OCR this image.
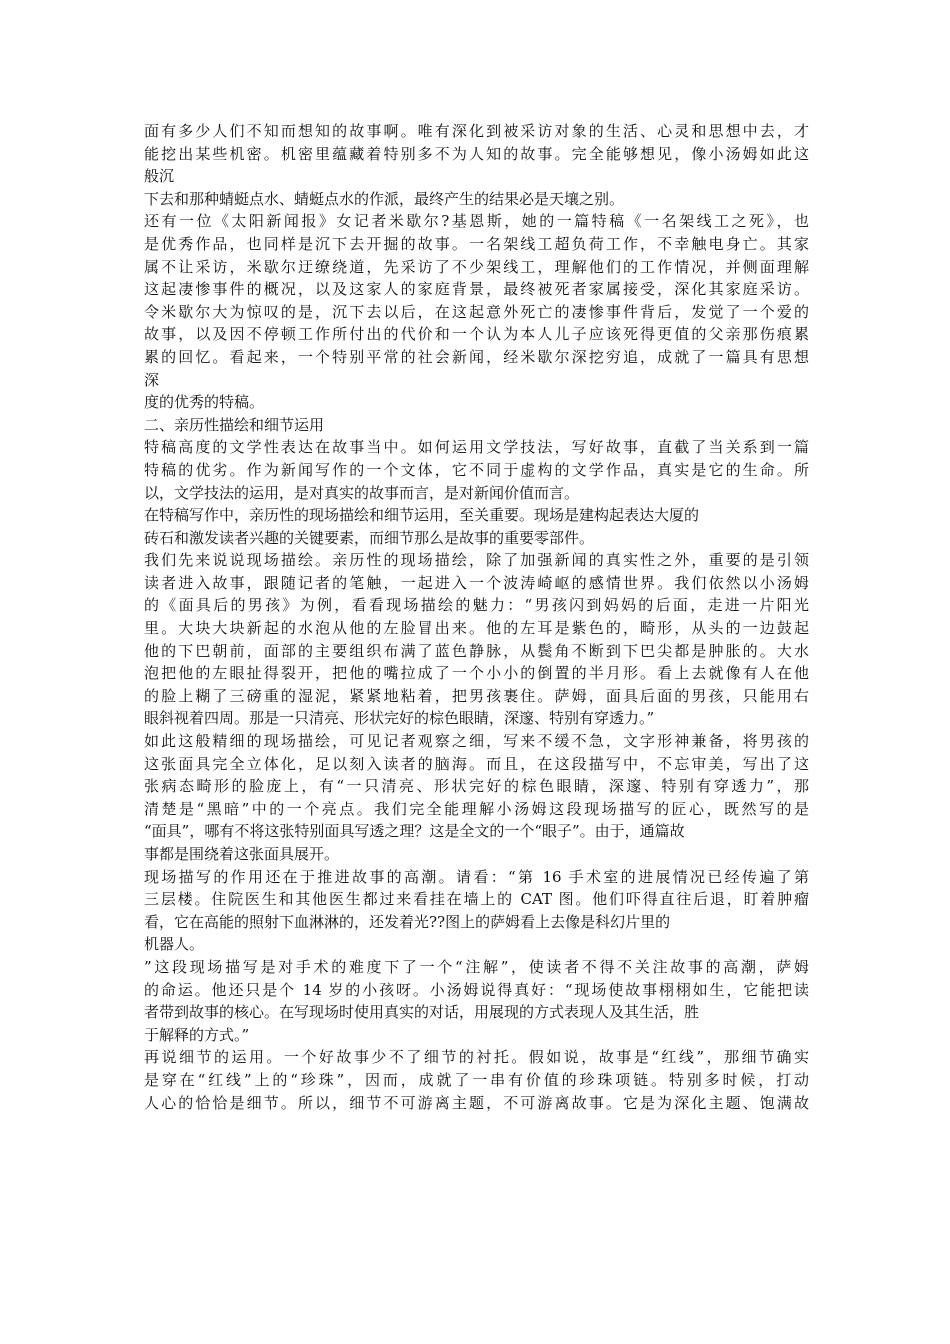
面有多少人们不知而想知的故事啊。唯有深化到被采访对象的生活、心灵和思想中去，才
能挖出某些机密。机密里蕴藏着特别多不为人知的故事。完全能够想见，像小汤姆如此这
般沉
下去和那种蜻蜓点水、蜻蜓点水的作派，最终产生的结果必是天壤之别。
还有一位《太阳新闻报》女记者米歇尔?基恩斯，她的一篇特稿《一名架线工之死》，也
是优秀作品，也同样是沉下去开掘的故事。一名架线工超负荷工作，不幸触电身亡。其家
属不让采访，米歇尔迂缭绕道，先采访了不少架线工，理解他们的工作情况，并侧面理解
这起凄惨事件的概况，以及这家人的家庭背景，最终被死者家属接受，深化其家庭采访。
令米歇尔大为惊叹的是，沉下去以后，在这起意外死亡的凄惨事件背后，发觉了一个爱的
故事，以及因不停顿工作所付出的代价和一个认为本人儿子应该死得更值的父亲那伤痕累
累的回忆。看起来，一个特别平常的社会新闻，经米歇尔深挖穷追，成就了一篇具有思想
深
度的优秀的特稿。
二、亲历性描绘和细节运用
特稿高度的文学性表达在故事当中。如何运用文学技法，写好故事，直截了当关系到一篇
特稿的优劣。作为新闻写作的一个文体，它不同于虚构的文学作品，真实是它的生命。所
以，文学技法的运用，是对真实的故事而言，是对新闻价值而言。
在特稿写作中，亲历性的现场描绘和细节运用，至关重要。现场是建构起表达大厦的
砖石和激发读者兴趣的关键要素，而细节那么是故事的重要零部件。
我们先来说说现场描绘。亲历性的现场描绘，除了加强新闻的真实性之外，重要的是引领
读者进入故事，跟随记者的笔触，一起进入一个波涛崎岖的感情世界。我们依然以小汤姆
的《面具后的男孩》为例，看看现场描绘的魅力：“男孩闪到妈妈的后面，走进一片阳光
里。大块大块新起的水泡从他的左脸冒出来。他的左耳是紫色的，畸形，从头的一边鼓起
他的下巴朝前，面部的主要组织布满了蓝色静脉，从鬓角不断到下巴尖都是肿胀的。大水
泡把他的左眼扯得裂开，把他的嘴拉成了一个小小的倒置的半月形。看上去就像有人在他
的脸上糊了三磅重的湿泥，紧紧地粘着，把男孩裹住。萨姆，面具后面的男孩，只能用右
眼斜视着四周。那是一只清亮、形状完好的棕色眼睛，深邃、特别有穿透力。”
如此这般精细的现场描绘，可见记者观察之细，写来不缓不急，文字形神兼备，将男孩的
这张面具完全立体化，足以刻入读者的脑海。而且，在这段描写中，不忘审美，写出了这
张病态畸形的脸庞上，有“一只清亮、形状完好的棕色眼睛，深邃、特别有穿透力”，那
清楚是“黑暗”中的一个亮点。我们完全能理解小汤姆这段现场描写的匠心，既然写的是
“面具”，哪有不将这张特别面具写透之理？这是全文的一个“眼子”。由于，通篇故
事都是围绕着这张面具展开。
现场描写的作用还在于推进故事的高潮。请看：“第 16 手术室的进展情况已经传遍了第
三层楼。住院医生和其他医生都过来看挂在墙上的 CAT 图。他们吓得直往后退，盯着肿瘤
看，它在高能的照射下血淋淋的，还发着光??图上的萨姆看上去像是科幻片里的
机器人。
”这段现场描写是对手术的难度下了一个“注解”，使读者不得不关注故事的高潮，萨姆
的命运。他还只是个 14 岁的小孩呀。小汤姆说得真好：“现场使故事栩栩如生，它能把读
者带到故事的核心。在写现场时使用真实的对话，用展现的方式表现人及其生活，胜
于解释的方式。”
再说细节的运用。一个好故事少不了细节的衬托。假如说，故事是“红线”，那细节确实
是穿在“红线”上的“珍珠”，因而，成就了一串有价值的珍珠项链。特别多时候，打动
人心的恰恰是细节。所以，细节不可游离主题，不可游离故事。它是为深化主题、饱满故
